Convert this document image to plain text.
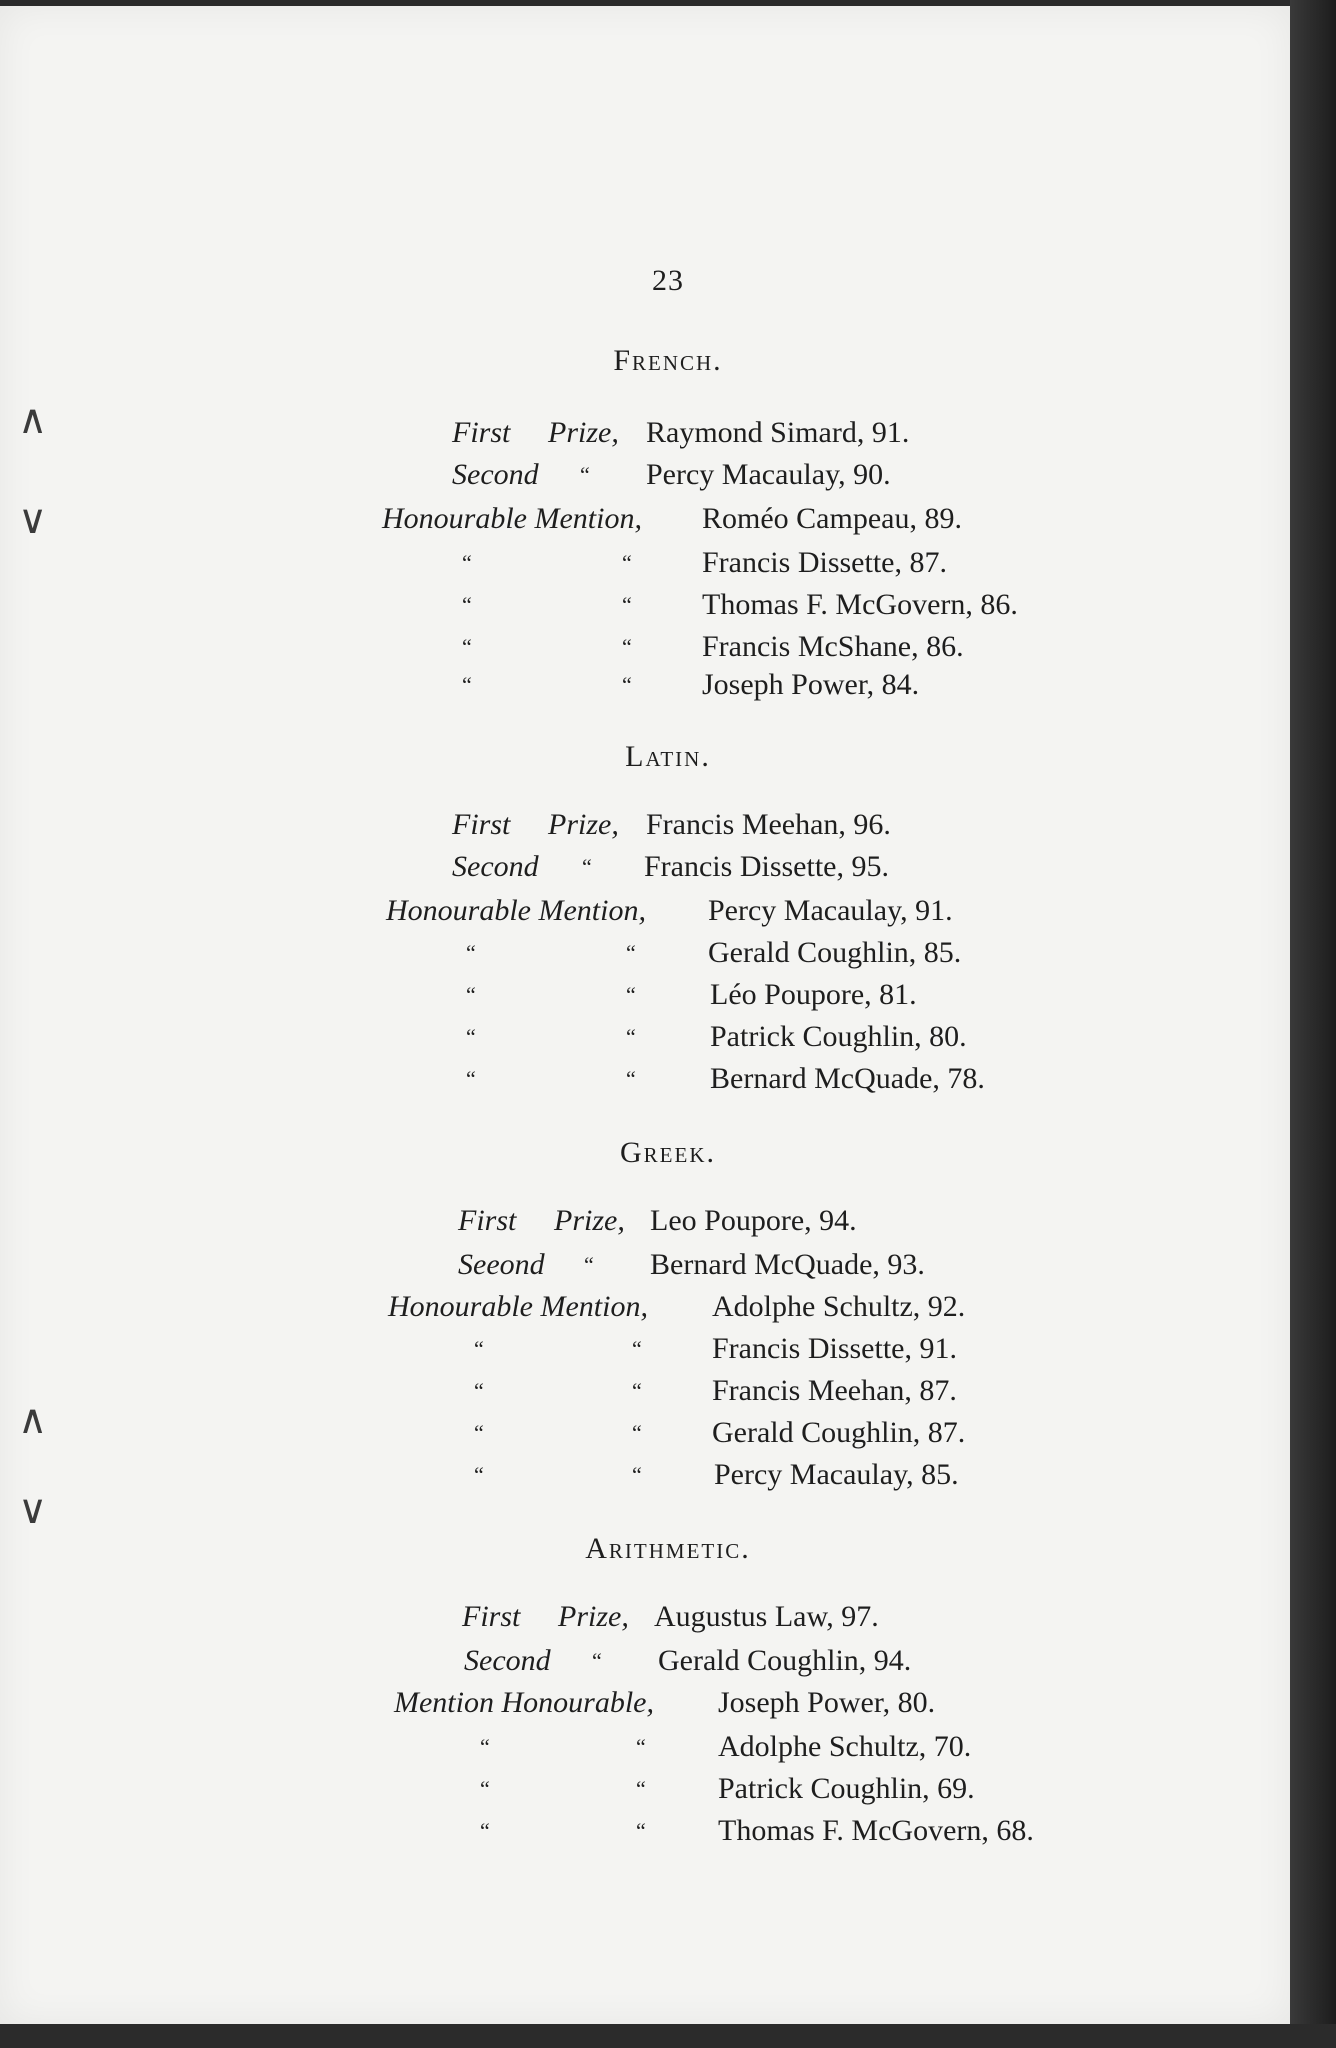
∧
∨
∧
∨
23
French.
First Prize, Raymond Simard, 91.
Second “ Percy Macaulay, 90.
Honourable Mention, Roméo Campeau, 89.
“	“ Francis Dissette, 87.
“	“ Thomas F. McGovern, 86.
“	“ Francis McShane, 86.
“	“ Joseph Power, 84.
Latin.
First Prize, Francis Meehan, 96.
Second “ Francis Dissette, 95.
Honourable Mention, Percy Macaulay, 91.
“	“ Gerald Coughlin, 85.
“	“ Léo Poupore, 81.
“	“ Patrick Coughlin, 80.
“	“ Bernard McQuade, 78.
Greek.
First Prize, Leo Poupore, 94.
Seeond “ Bernard McQuade, 93.
Honourable Mention, Adolphe Schultz, 92.
“	“ Francis Dissette, 91.
“	“ Francis Meehan, 87.
“	“ Gerald Coughlin, 87.
“	“ Percy Macaulay, 85.
Arithmetic.
First Prize, Augustus Law, 97.
Second “ Gerald Coughlin, 94.
Mention Honourable, Joseph Power, 80.
“	“ Adolphe Schultz, 70.
“	“ Patrick Coughlin, 69.
“	“ Thomas F. McGovern, 68.
